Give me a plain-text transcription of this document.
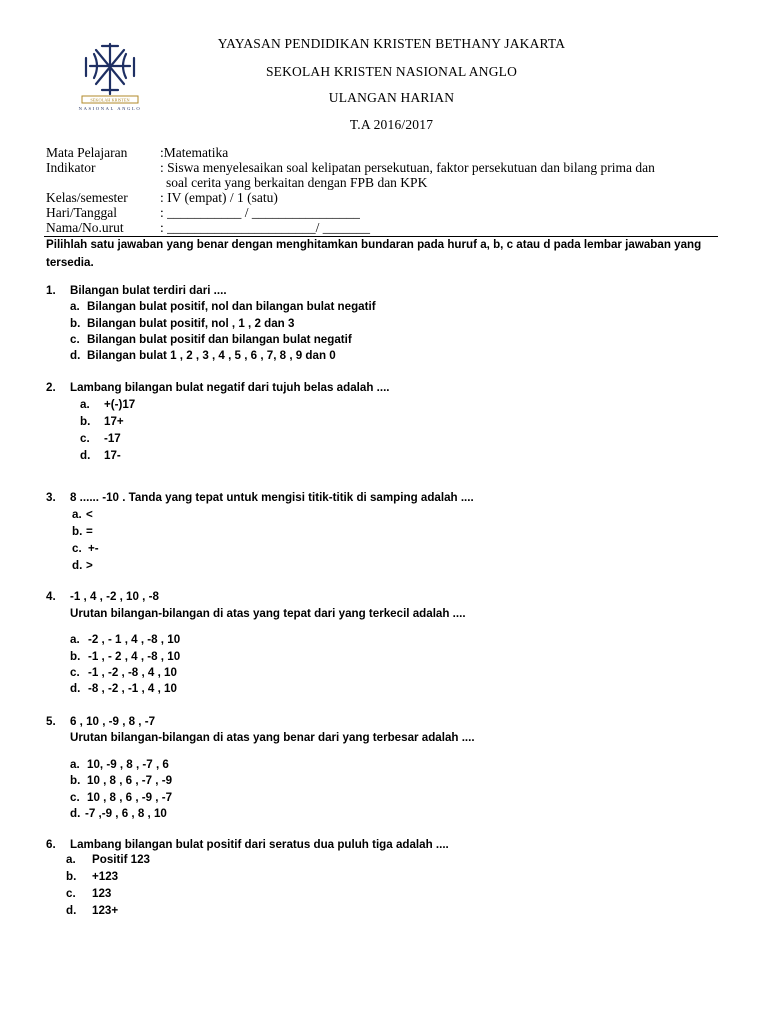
SEKOLAH KRISTEN
NASIONAL ANGLO
YAYASAN PENDIDIKAN KRISTEN BETHANY JAKARTA
SEKOLAH KRISTEN NASIONAL ANGLO
ULANGAN HARIAN
T.A 2016/2017
Mata Pelajaran :Matematika
Indikator	: Siswa menyelesaikan soal kelipatan persekutuan, faktor persekutuan dan bilang prima dan
soal cerita yang berkaitan dengan FPB dan KPK
Kelas/semester : IV (empat) / 1 (satu)
Hari/Tanggal	: ___________ / ________________
Nama/No.urut	: ______________________/ _______
Pilihlah satu jawaban yang benar dengan menghitamkan bundaran pada huruf a, b, c atau d pada lembar jawaban yang
tersedia.
1. Bilangan bulat terdiri dari ....
a. Bilangan bulat positif, nol dan bilangan bulat negatif
b. Bilangan bulat positif, nol , 1 , 2 dan 3
c. Bilangan bulat positif dan bilangan bulat negatif
d. Bilangan bulat 1 , 2 , 3 , 4 , 5 , 6 , 7, 8 , 9 dan 0
2. Lambang bilangan bulat negatif dari tujuh belas adalah ....
a. +(-)17
b. 17+
c. -17
d. 17-
3. 8 ...... -10 . Tanda yang tepat untuk mengisi titik-titik di samping adalah ....
a. <
b. =
c. +-
d. >
4. -1 , 4 , -2 , 10 , -8
Urutan bilangan-bilangan di atas yang tepat dari yang terkecil adalah ....
a. -2 , - 1 , 4 , -8 , 10
b. -1 , - 2 , 4 , -8 , 10
c. -1 , -2 , -8 , 4 , 10
d. -8 , -2 , -1 , 4 , 10
5. 6 , 10 , -9 , 8 , -7
Urutan bilangan-bilangan di atas yang benar dari yang terbesar adalah ....
a. 10, -9 , 8 , -7 , 6
b. 10 , 8 , 6 , -7 , -9
c. 10 , 8 , 6 , -9 , -7
d. -7 ,-9 , 6 , 8 , 10
6. Lambang bilangan bulat positif dari seratus dua puluh tiga adalah ....
a. Positif 123
b. +123
c. 123
d. 123+
